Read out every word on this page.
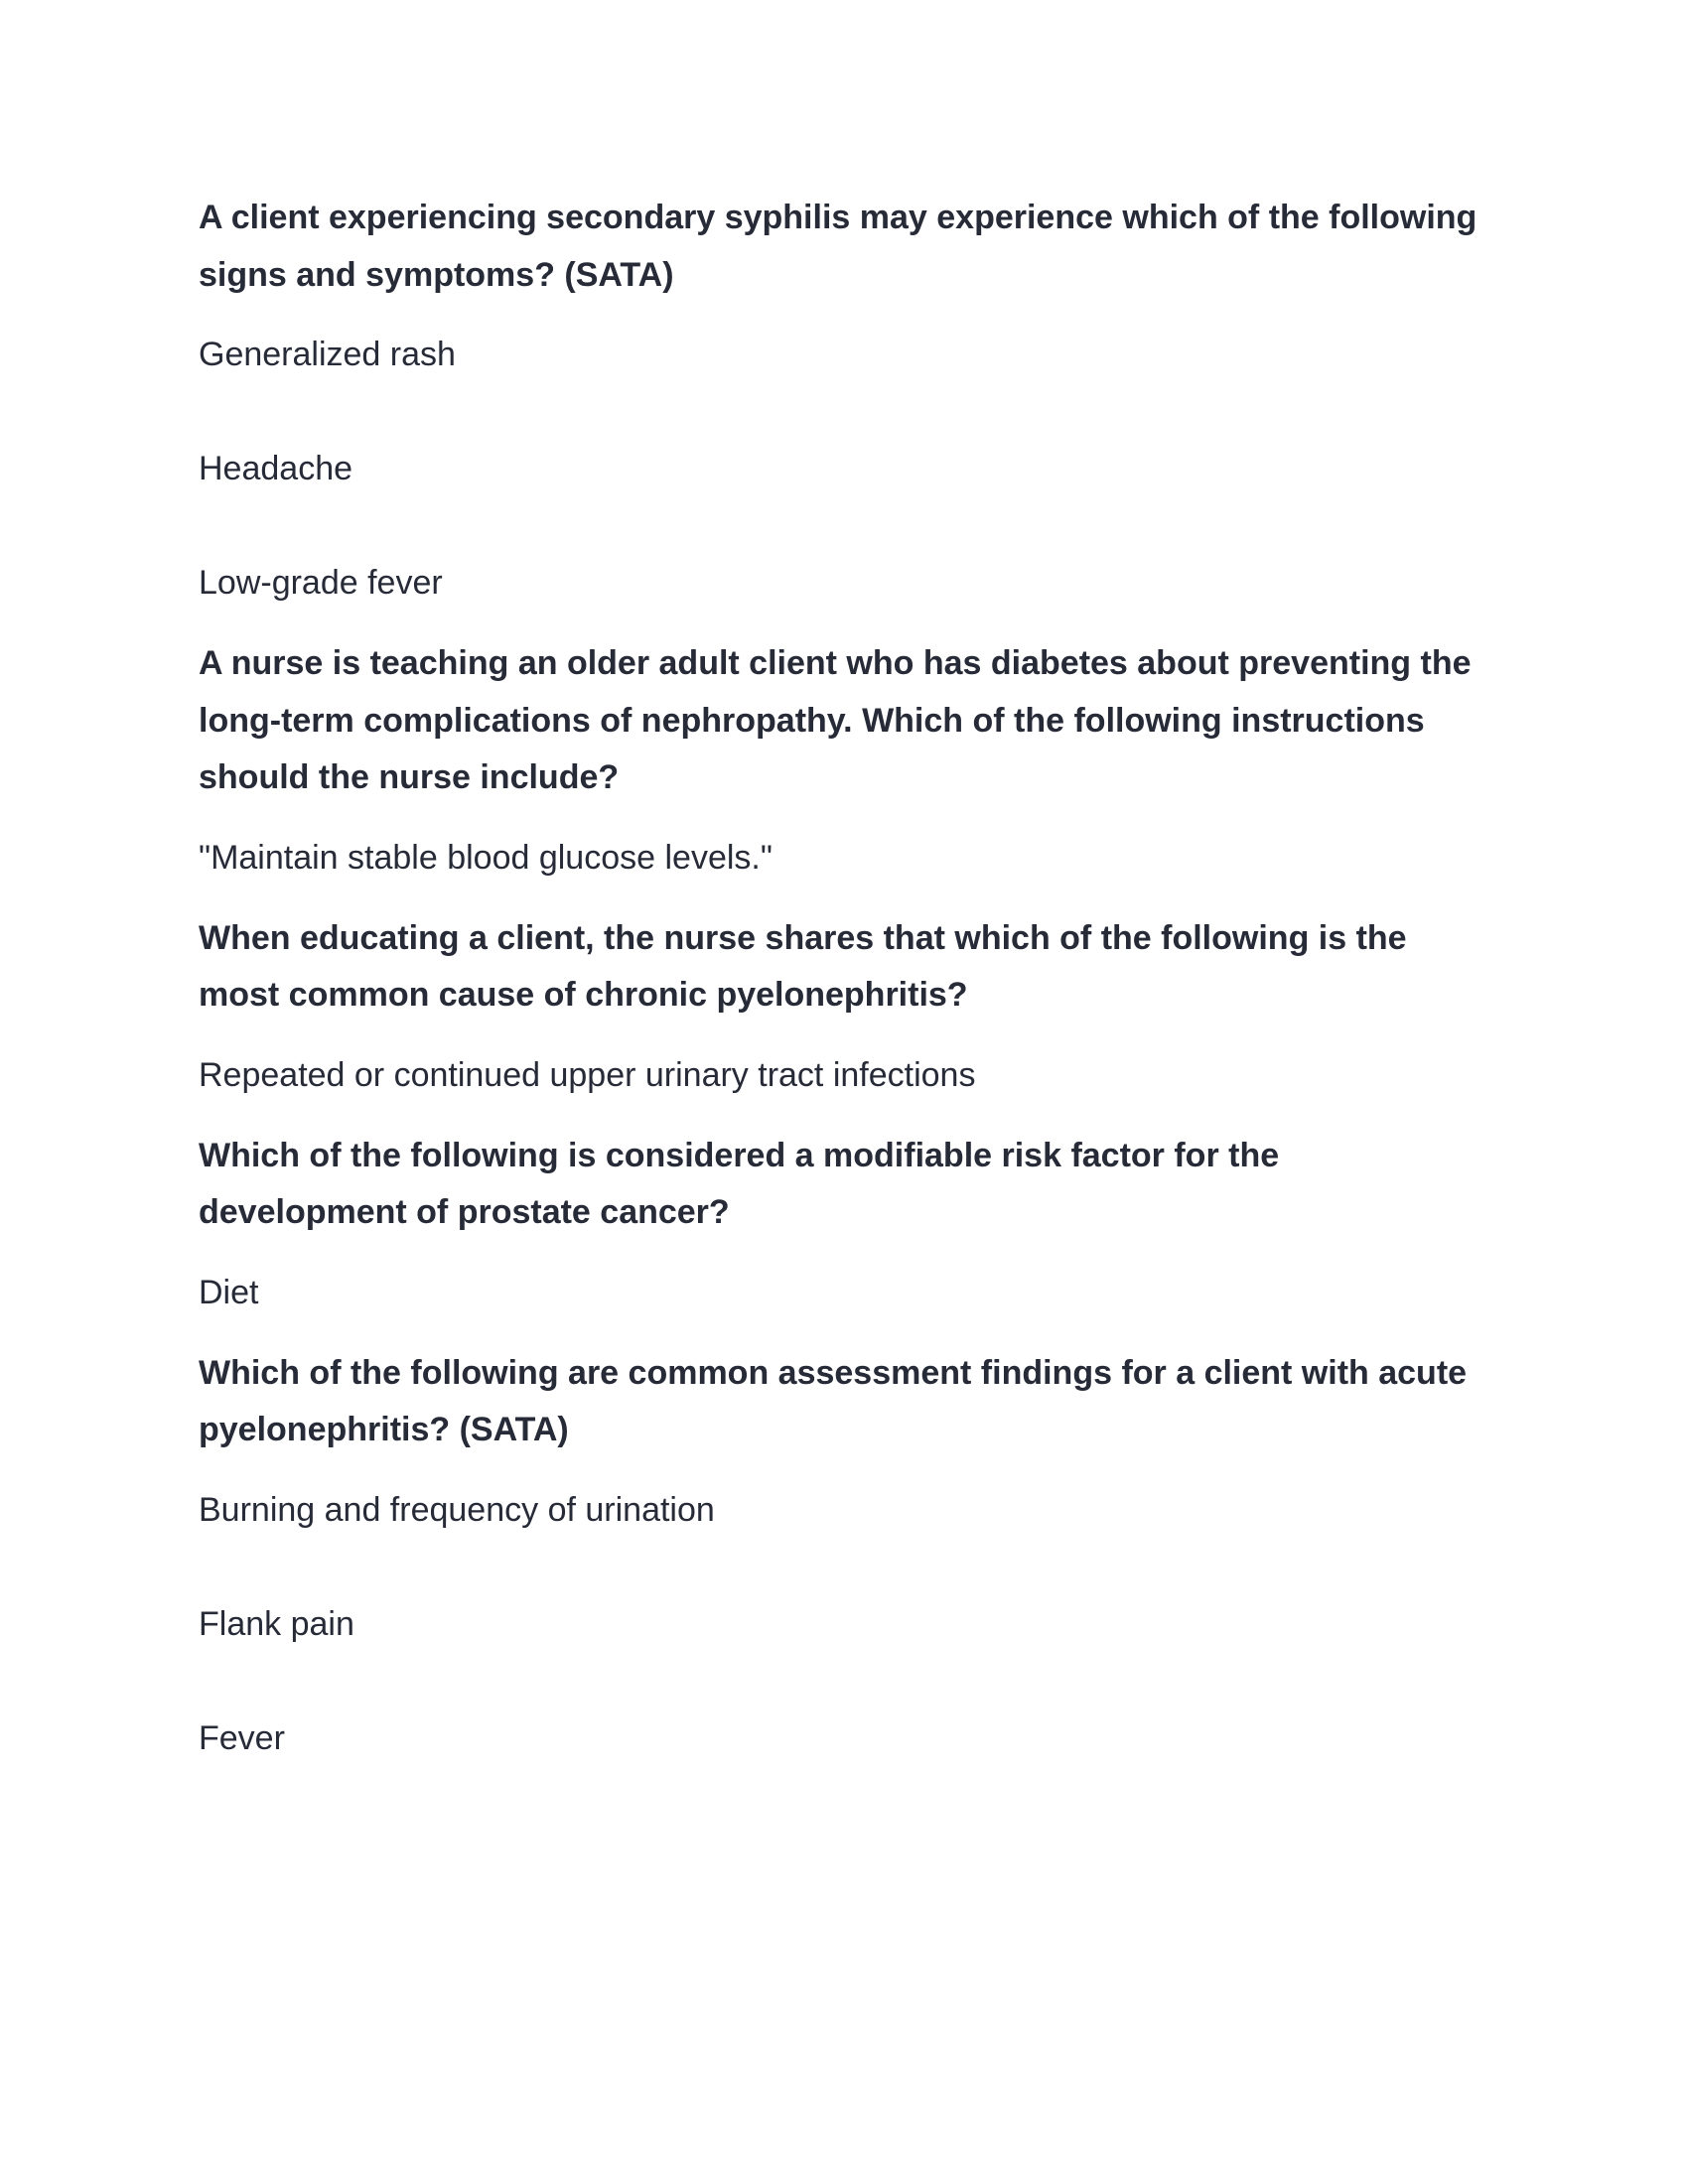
A client experiencing secondary syphilis may experience which of the following signs and symptoms? (SATA)

Generalized rash

Headache

Low-grade fever

A nurse is teaching an older adult client who has diabetes about preventing the long-term complications of nephropathy. Which of the following instructions should the nurse include?

"Maintain stable blood glucose levels."

When educating a client, the nurse shares that which of the following is the most common cause of chronic pyelonephritis?

Repeated or continued upper urinary tract infections

Which of the following is considered a modifiable risk factor for the development of prostate cancer?

Diet

Which of the following are common assessment findings for a client with acute pyelonephritis? (SATA)

Burning and frequency of urination

Flank pain

Fever
